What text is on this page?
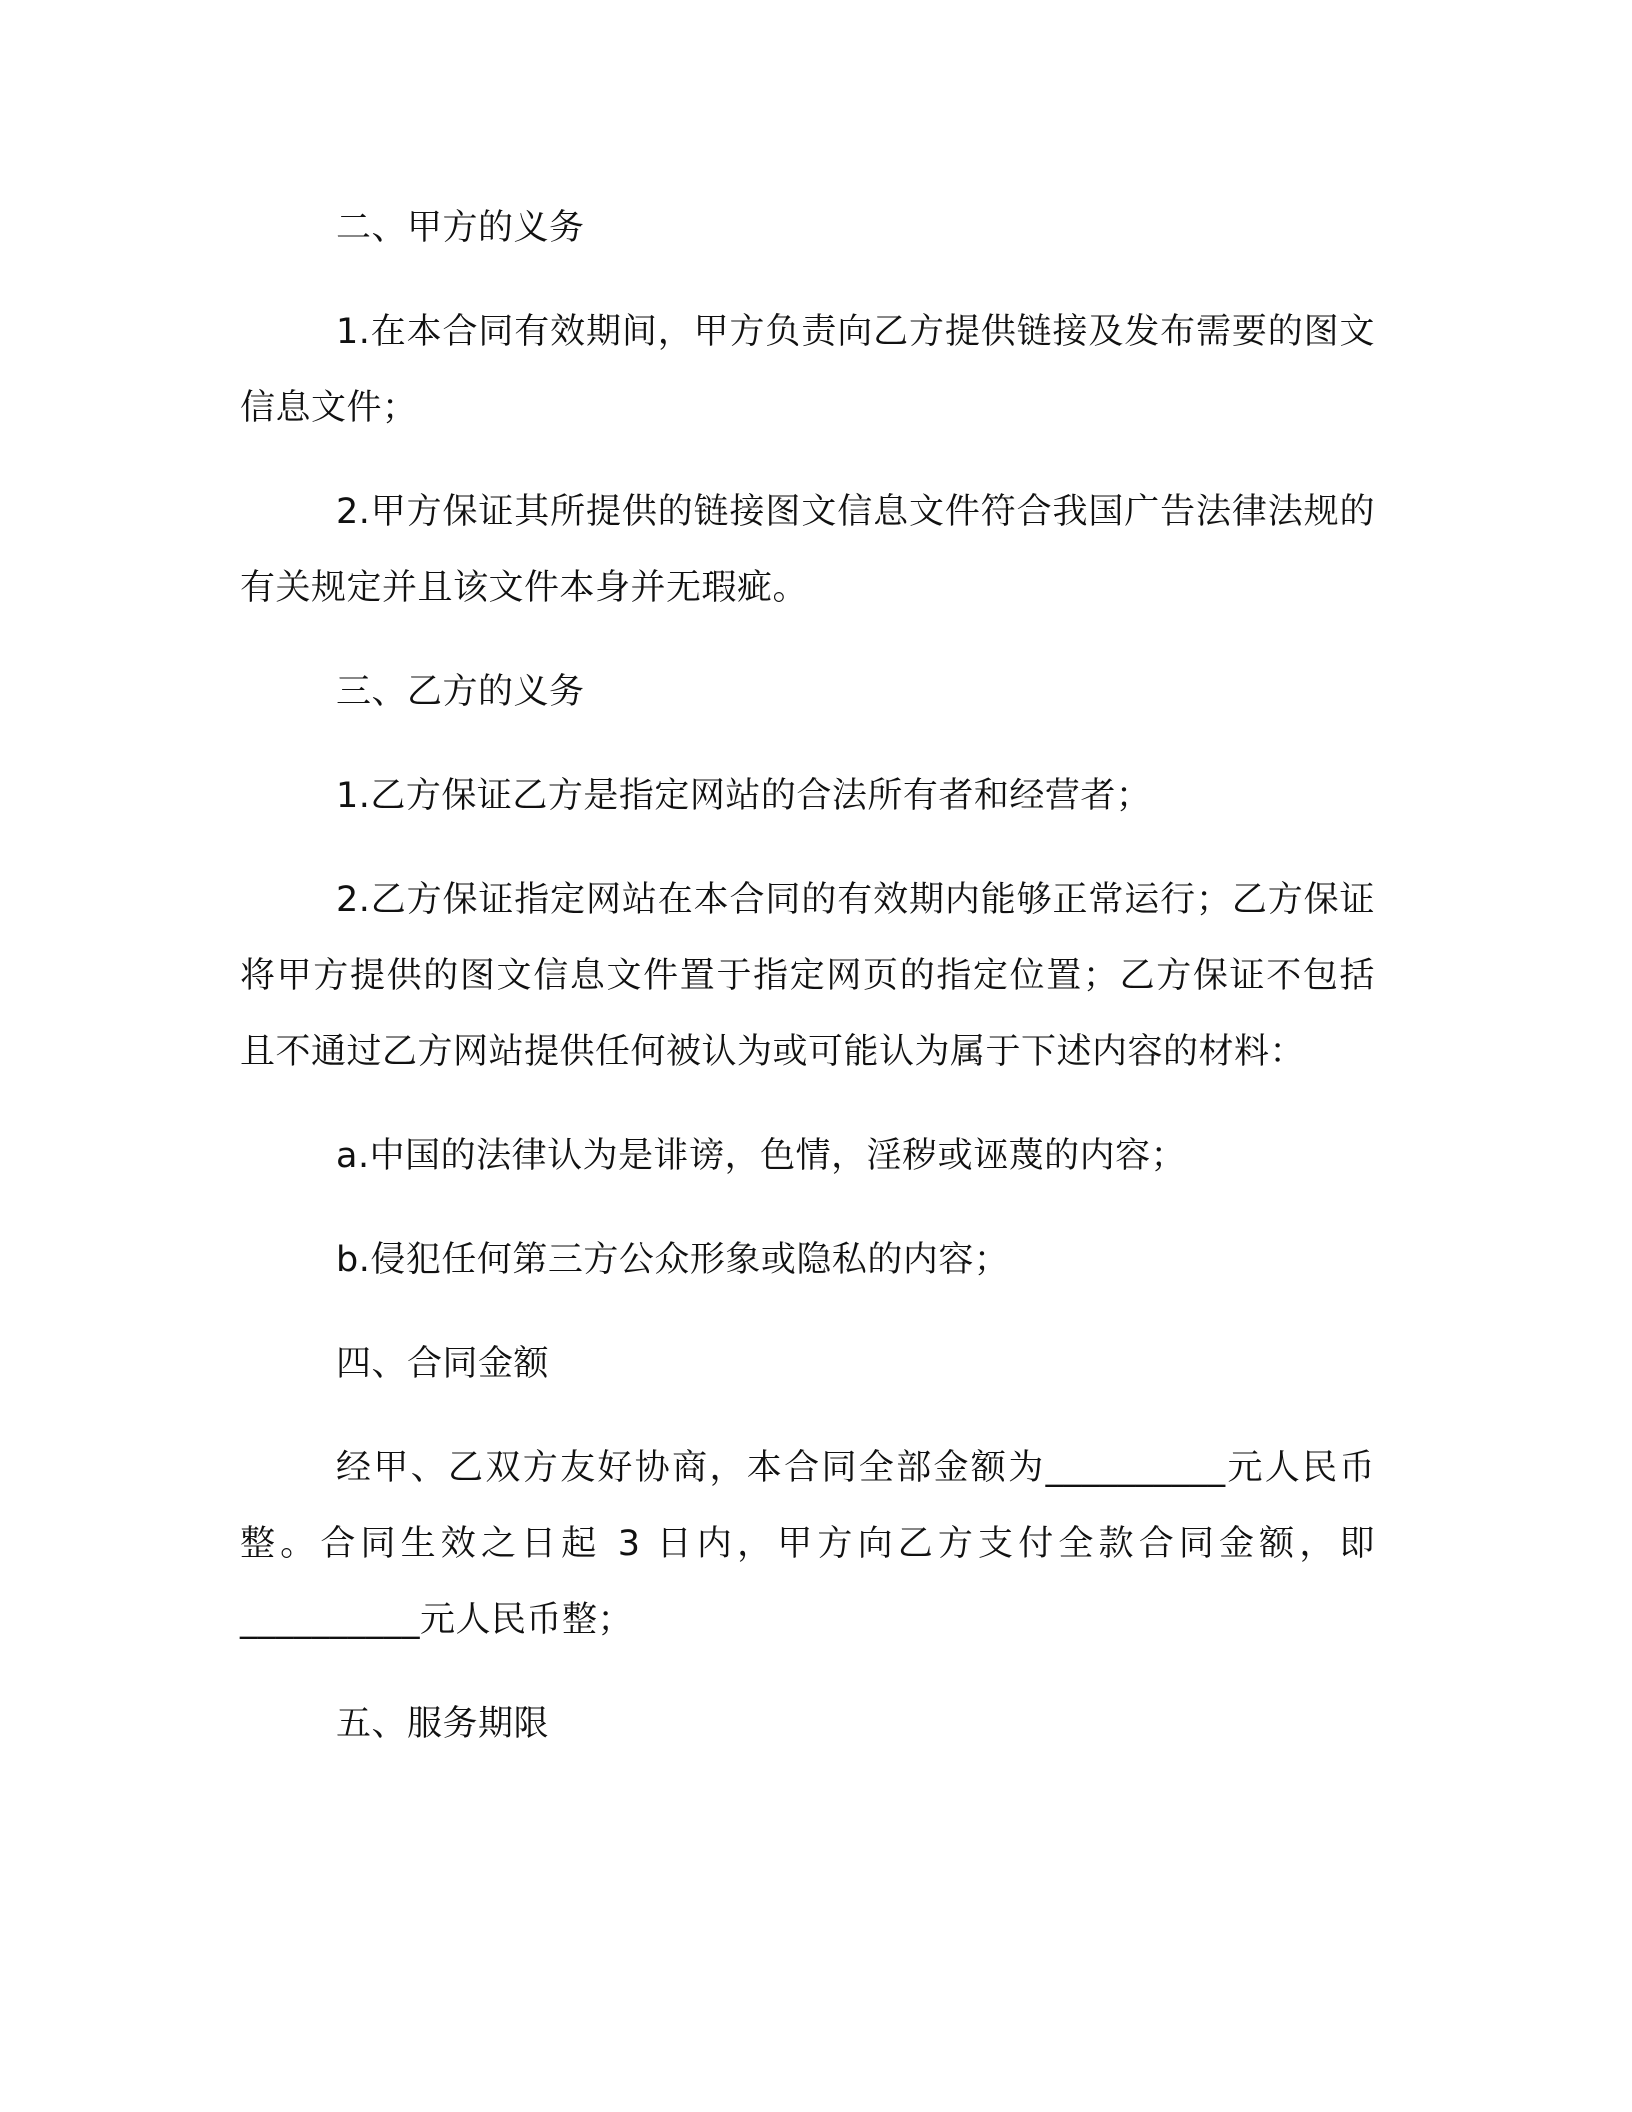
二、甲方的义务

1.在本合同有效期间，甲方负责向乙方提供链接及发布需要的图文信息文件；

2.甲方保证其所提供的链接图文信息文件符合我国广告法律法规的有关规定并且该文件本身并无瑕疵。

三、乙方的义务

1.乙方保证乙方是指定网站的合法所有者和经营者；

2.乙方保证指定网站在本合同的有效期内能够正常运行；乙方保证将甲方提供的图文信息文件置于指定网页的指定位置；乙方保证不包括且不通过乙方网站提供任何被认为或可能认为属于下述内容的材料：

a.中国的法律认为是诽谤，色情，淫秽或诬蔑的内容；

b.侵犯任何第三方公众形象或隐私的内容；

四、合同金额

经甲、乙双方友好协商，本合同全部金额为__________元人民币整。合同生效之日起 3 日内，甲方向乙方支付全款合同金额，即__________元人民币整；

五、服务期限
